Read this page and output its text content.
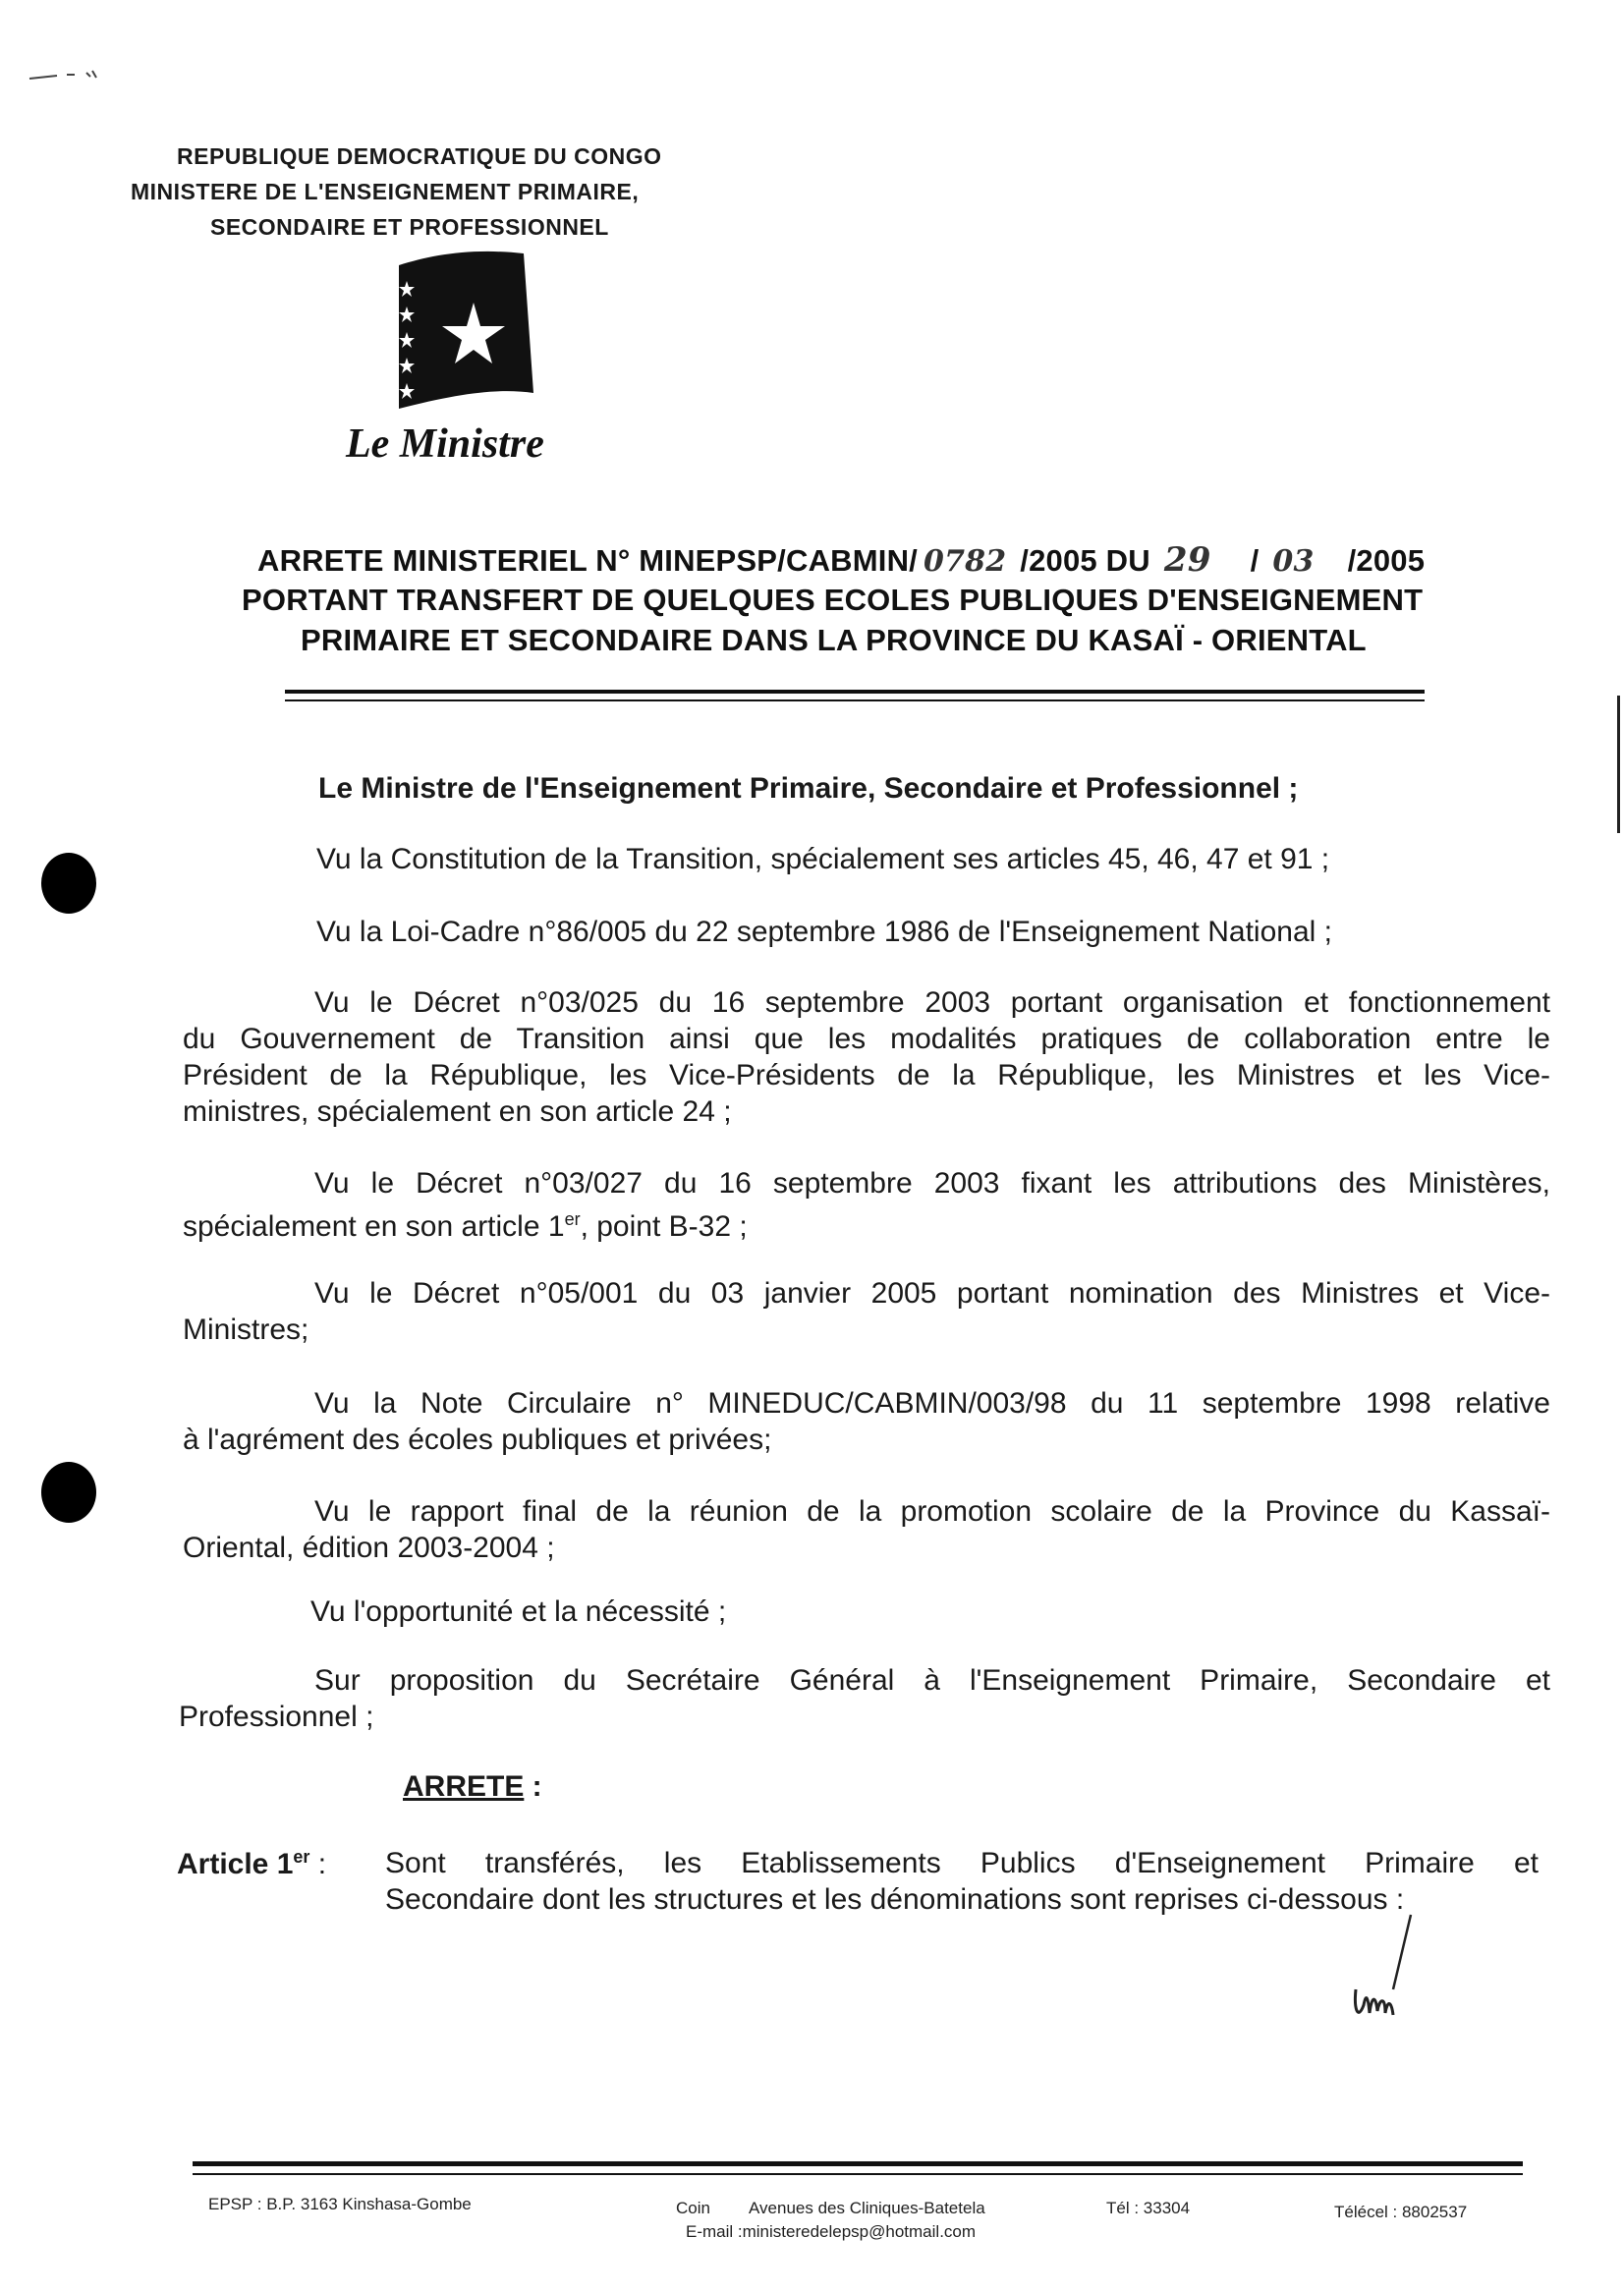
REPUBLIQUE DEMOCRATIQUE DU CONGO
MINISTERE DE L'ENSEIGNEMENT PRIMAIRE,
SECONDAIRE ET PROFESSIONNEL
Le Ministre
ARRETE MINISTERIEL N° MINEPSP/CABMIN/ 0782 /2005 DU 29 / 03 /2005
PORTANT TRANSFERT DE QUELQUES ECOLES PUBLIQUES D'ENSEIGNEMENT
PRIMAIRE ET SECONDAIRE DANS LA PROVINCE DU KASAÏ - ORIENTAL
Le Ministre de l'Enseignement Primaire, Secondaire et Professionnel ;
Vu la Constitution de la Transition, spécialement ses articles 45, 46, 47 et 91 ;
Vu la Loi-Cadre n°86/005 du 22 septembre 1986 de l'Enseignement National ;
Vu le Décret n°03/025 du 16 septembre 2003 portant organisation et fonctionnement
du Gouvernement de Transition ainsi que les modalités pratiques de collaboration entre le
Président de la République, les Vice-Présidents de la République, les Ministres et les Vice-
ministres, spécialement en son article 24 ;
Vu le Décret n°03/027 du 16 septembre 2003 fixant les attributions des Ministères,
spécialement en son article 1er, point B-32 ;
Vu le Décret n°05/001 du 03 janvier 2005 portant nomination des Ministres et Vice-
Ministres;
Vu la Note Circulaire n° MINEDUC/CABMIN/003/98 du 11 septembre 1998 relative
à l'agrément des écoles publiques et privées;
Vu le rapport final de la réunion de la promotion scolaire de la Province du Kassaï-
Oriental, édition 2003-2004 ;
Vu l'opportunité et la nécessité ;
Sur proposition du Secrétaire Général à l'Enseignement Primaire, Secondaire et
Professionnel ;
ARRETE :
Article 1er : Sont transférés, les Etablissements Publics d'Enseignement Primaire et
Secondaire dont les structures et les dénominations sont reprises ci-dessous :
EPSP : B.P. 3163 Kinshasa-Gombe	Coin Avenues des Cliniques-Batetela
E-mail :ministeredelepsp@hotmail.com
Tél : 33304	Télécel : 8802537
